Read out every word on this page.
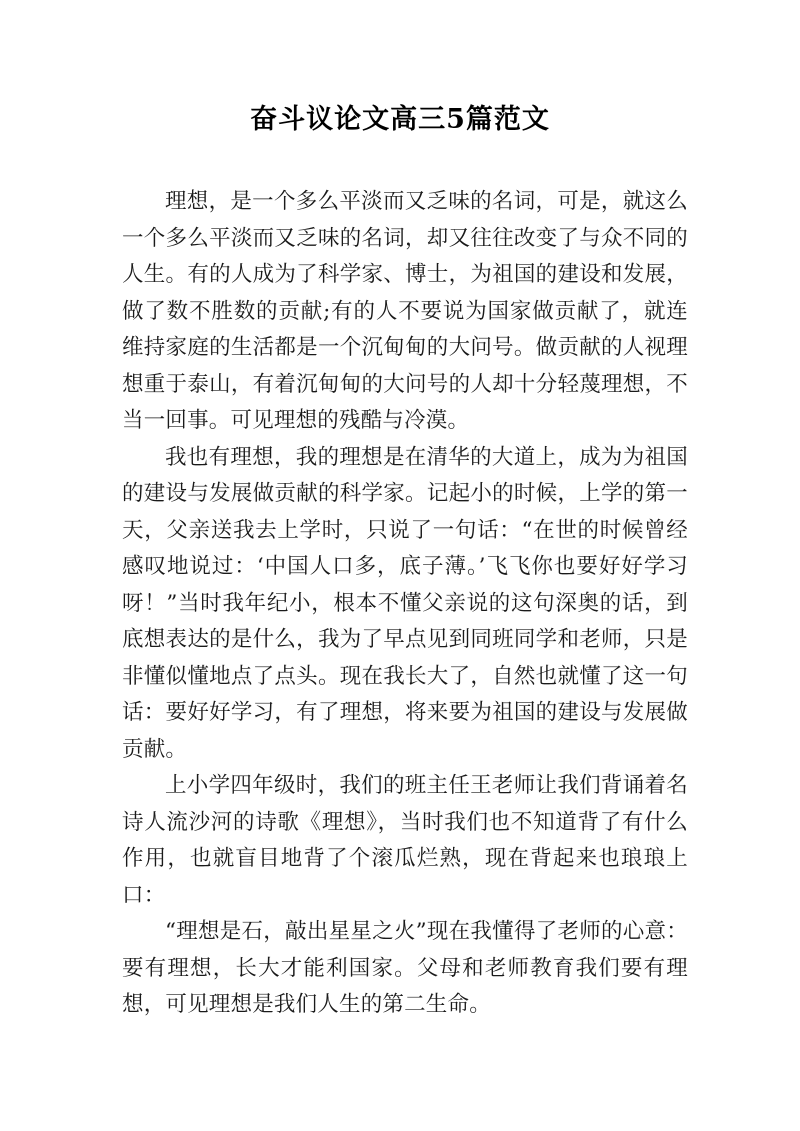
奋斗议论文高三5篇范文

理想，是一个多么平淡而又乏味的名词，可是，就这么一个多么平淡而又乏味的名词，却又往往改变了与众不同的人生。有的人成为了科学家、博士，为祖国的建设和发展，做了数不胜数的贡献;有的人不要说为国家做贡献了，就连维持家庭的生活都是一个沉甸甸的大问号。做贡献的人视理想重于泰山，有着沉甸甸的大问号的人却十分轻蔑理想，不当一回事。可见理想的残酷与冷漠。

我也有理想，我的理想是在清华的大道上，成为为祖国的建设与发展做贡献的科学家。记起小的时候，上学的第一天，父亲送我去上学时，只说了一句话：“在世的时候曾经感叹地说过：‘中国人口多，底子薄。’飞飞你也要好好学习呀！”当时我年纪小，根本不懂父亲说的这句深奥的话，到底想表达的是什么，我为了早点见到同班同学和老师，只是非懂似懂地点了点头。现在我长大了，自然也就懂了这一句话：要好好学习，有了理想，将来要为祖国的建设与发展做贡献。

上小学四年级时，我们的班主任王老师让我们背诵着名诗人流沙河的诗歌《理想》，当时我们也不知道背了有什么作用，也就盲目地背了个滚瓜烂熟，现在背起来也琅琅上口：

“理想是石，敲出星星之火”现在我懂得了老师的心意：要有理想，长大才能利国家。父母和老师教育我们要有理想，可见理想是我们人生的第二生命。
